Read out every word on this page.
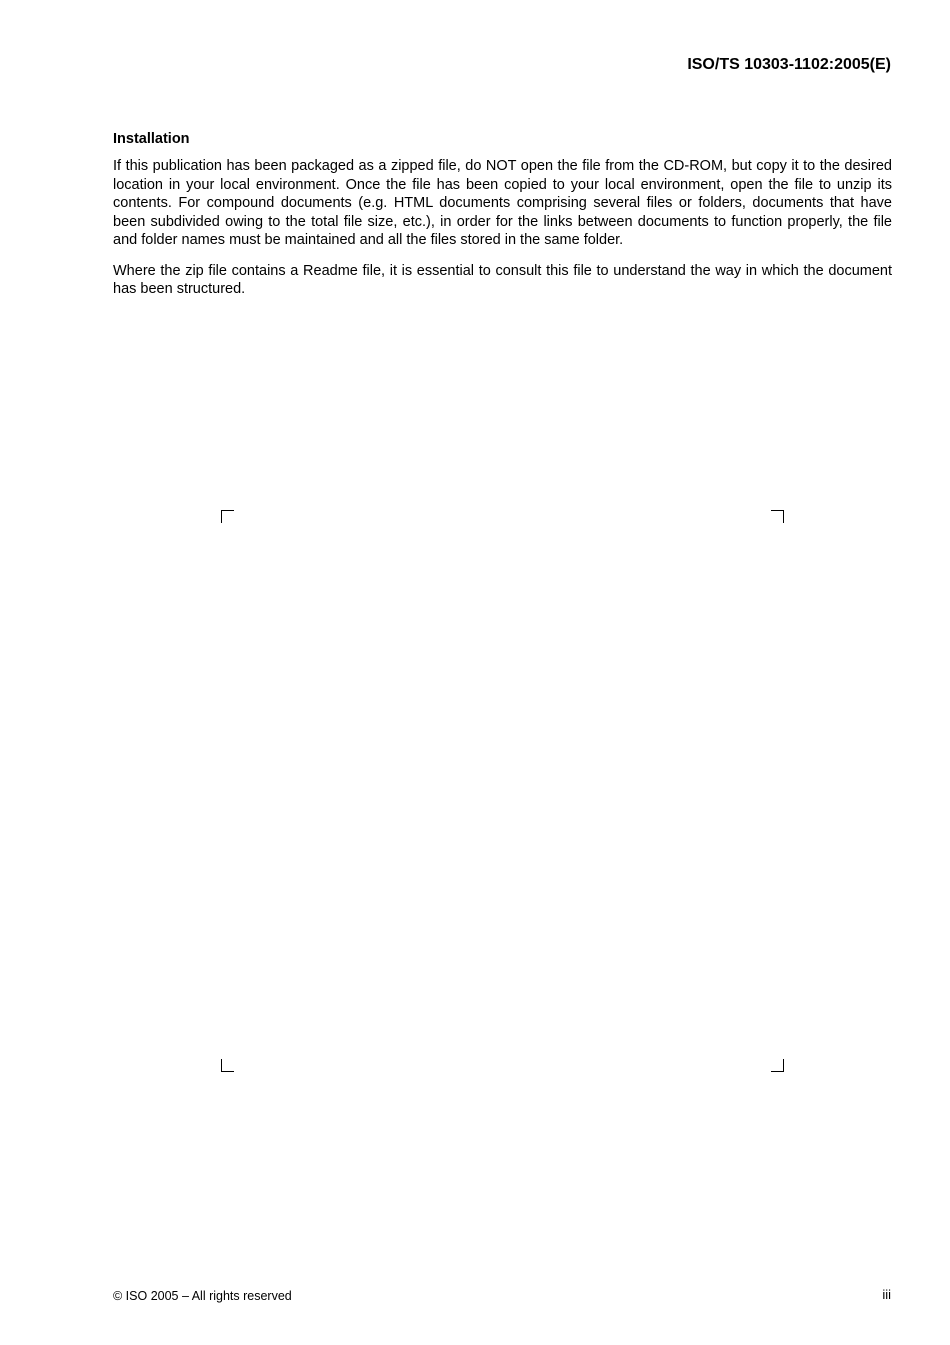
ISO/TS 10303-1102:2005(E)
Installation

If this publication has been packaged as a zipped file, do NOT open the file from the CD-ROM, but copy it to the desired location in your local environment. Once the file has been copied to your local environment, open the file to unzip its contents. For compound documents (e.g. HTML documents comprising several files or folders, documents that have been subdivided owing to the total file size, etc.), in order for the links between documents to function properly, the file and folder names must be maintained and all the files stored in the same folder.

Where the zip file contains a Readme file, it is essential to consult this file to understand the way in which the document has been structured.

© ISO 2005 – All rights reserved	iii
